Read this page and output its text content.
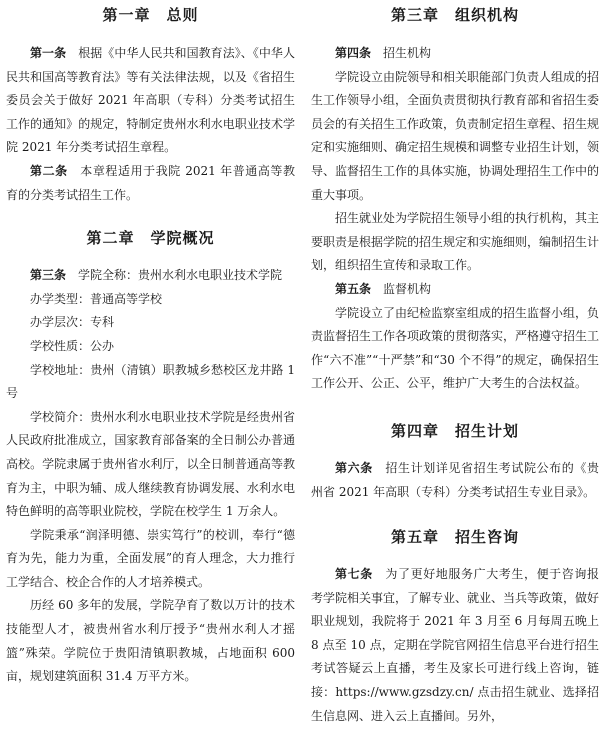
第一章　总则

第一条　 根据《中华人民共和国教育法》、《中华人民共和国高等教育法》等有关法律法规，以及《省招生委员会关于做好 2021 年高职（专科）分类考试招生工作的通知》的规定，特制定贵州水利水电职业技术学院 2021 年分类考试招生章程。

第二条　 本章程适用于我院 2021 年普通高等教育的分类考试招生工作。

第二章　学院概况

第三条　 学院全称：贵州水利水电职业技术学院

办学类型：普通高等学校

办学层次：专科

学校性质：公办

学校地址：贵州（清镇）职教城乡愁校区龙井路 1 号

学校简介：贵州水利水电职业技术学院是经贵州省人民政府批准成立，国家教育部备案的全日制公办普通高校。学院隶属于贵州省水利厅，以全日制普通高等教育为主，中职为辅、成人继续教育协调发展、水利水电特色鲜明的高等职业院校，学院在校学生 1 万余人。

学院秉承“润泽明德、崇实笃行”的校训，奉行“德育为先，能力为重，全面发展”的育人理念，大力推行工学结合、校企合作的人才培养模式。

历经 60 多年的发展，学院孕育了数以万计的技术技能型人才，被贵州省水利厅授予“贵州水利人才摇篮”殊荣。学院位于贵阳清镇职教城，占地面积 600 亩，规划建筑面积 31.4 万平方米。

第三章　组织机构

第四条　 招生机构

学院设立由院领导和相关职能部门负责人组成的招生工作领导小组，全面负责贯彻执行教育部和省招生委员会的有关招生工作政策，负责制定招生章程、招生规定和实施细则、确定招生规模和调整专业招生计划，领导、监督招生工作的具体实施，协调处理招生工作中的重大事项。

招生就业处为学院招生领导小组的执行机构，其主要职责是根据学院的招生规定和实施细则，编制招生计划，组织招生宣传和录取工作。

第五条　 监督机构

学院设立了由纪检监察室组成的招生监督小组，负责监督招生工作各项政策的贯彻落实，严格遵守招生工作“六不准”“十严禁”和“30 个不得”的规定，确保招生工作公开、公正、公平，维护广大考生的合法权益。

第四章　招生计划

第六条　 招生计划详见省招生考试院公布的《贵州省 2021 年高职（专科）分类考试招生专业目录》。

第五章　招生咨询

第七条　 为了更好地服务广大考生，便于咨询报考学院相关事宜，了解专业、就业、当兵等政策，做好职业规划，我院将于 2021 年 3 月至 6 月每周五晚上 8 点至 10 点，定期在学院官网招生信息平台进行招生考试答疑云上直播，考生及家长可进行线上咨询，链接：https://www.gzsdzy.cn/ 点击招生就业、选择招生信息网、进入云上直播间。另外，
